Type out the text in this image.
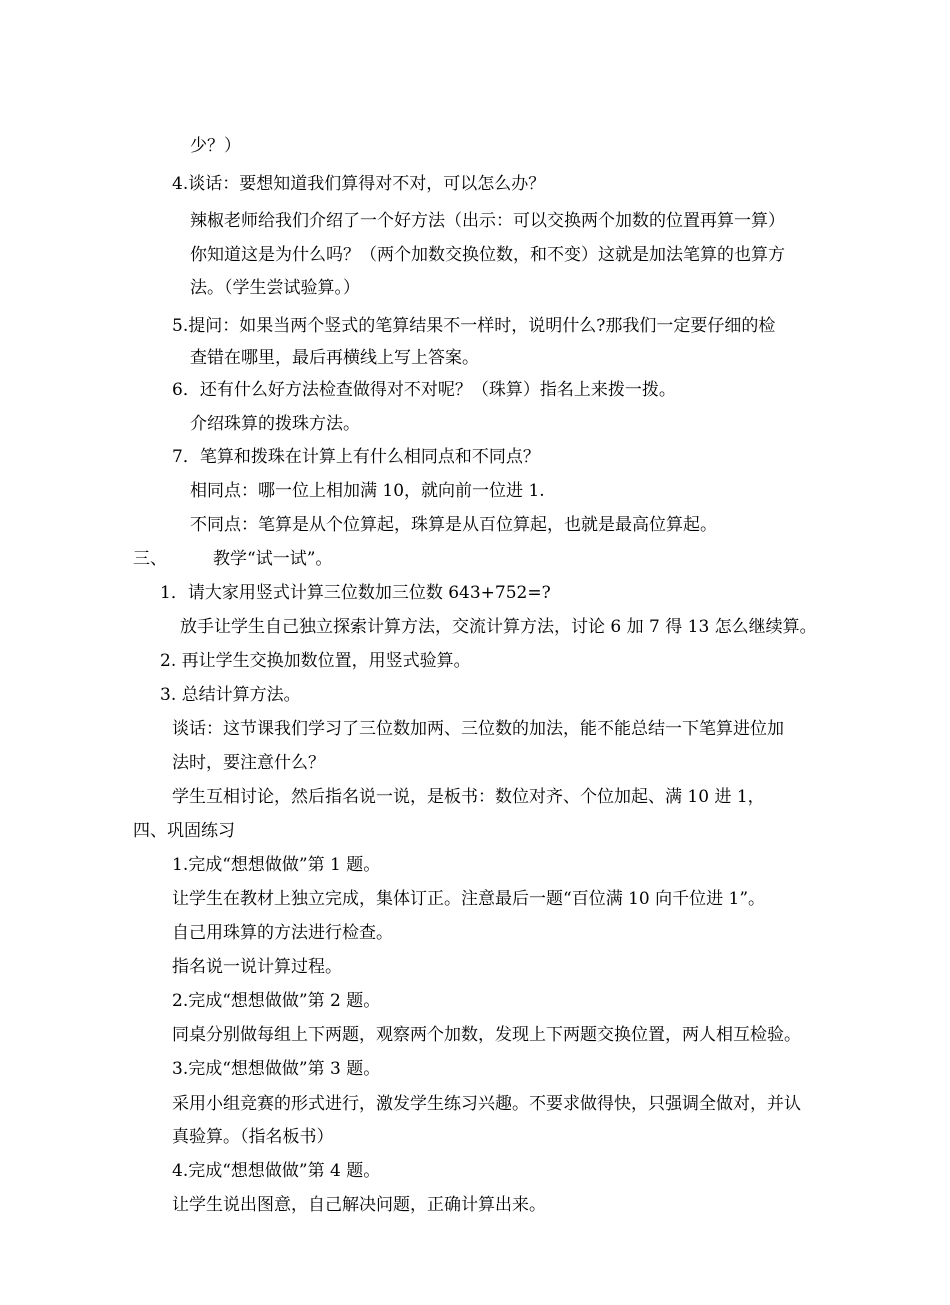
少？）
4.谈话：要想知道我们算得对不对，可以怎么办？
辣椒老师给我们介绍了一个好方法（出示：可以交换两个加数的位置再算一算）
你知道这是为什么吗？（两个加数交换位数，和不变）这就是加法笔算的也算方
法。（学生尝试验算。）
5.提问：如果当两个竖式的笔算结果不一样时，说明什么?那我们一定要仔细的检
查错在哪里，最后再横线上写上答案。
6．还有什么好方法检查做得对不对呢？（珠算）指名上来拨一拨。
介绍珠算的拨珠方法。
7．笔算和拨珠在计算上有什么相同点和不同点？
相同点：哪一位上相加满 10，就向前一位进 1.
不同点：笔算是从个位算起，珠算是从百位算起，也就是最高位算起。
三、	教学“试一试”。
1．请大家用竖式计算三位数加三位数 643+752=?
放手让学生自己独立探索计算方法，交流计算方法，讨论 6 加 7 得 13 怎么继续算。
2. 再让学生交换加数位置，用竖式验算。
3. 总结计算方法。
谈话：这节课我们学习了三位数加两、三位数的加法，能不能总结一下笔算进位加
法时，要注意什么？
学生互相讨论，然后指名说一说，是板书：数位对齐、个位加起、满 10 进 1，
四、巩固练习
1.完成“想想做做”第 1 题。
让学生在教材上独立完成，集体订正。注意最后一题“百位满 10 向千位进 1”。
自己用珠算的方法进行检查。
指名说一说计算过程。
2.完成“想想做做”第 2 题。
同桌分别做每组上下两题，观察两个加数，发现上下两题交换位置，两人相互检验。
3.完成“想想做做”第 3 题。
采用小组竞赛的形式进行，激发学生练习兴趣。不要求做得快，只强调全做对，并认
真验算。（指名板书）
4.完成“想想做做”第 4 题。
让学生说出图意，自己解决问题，正确计算出来。
